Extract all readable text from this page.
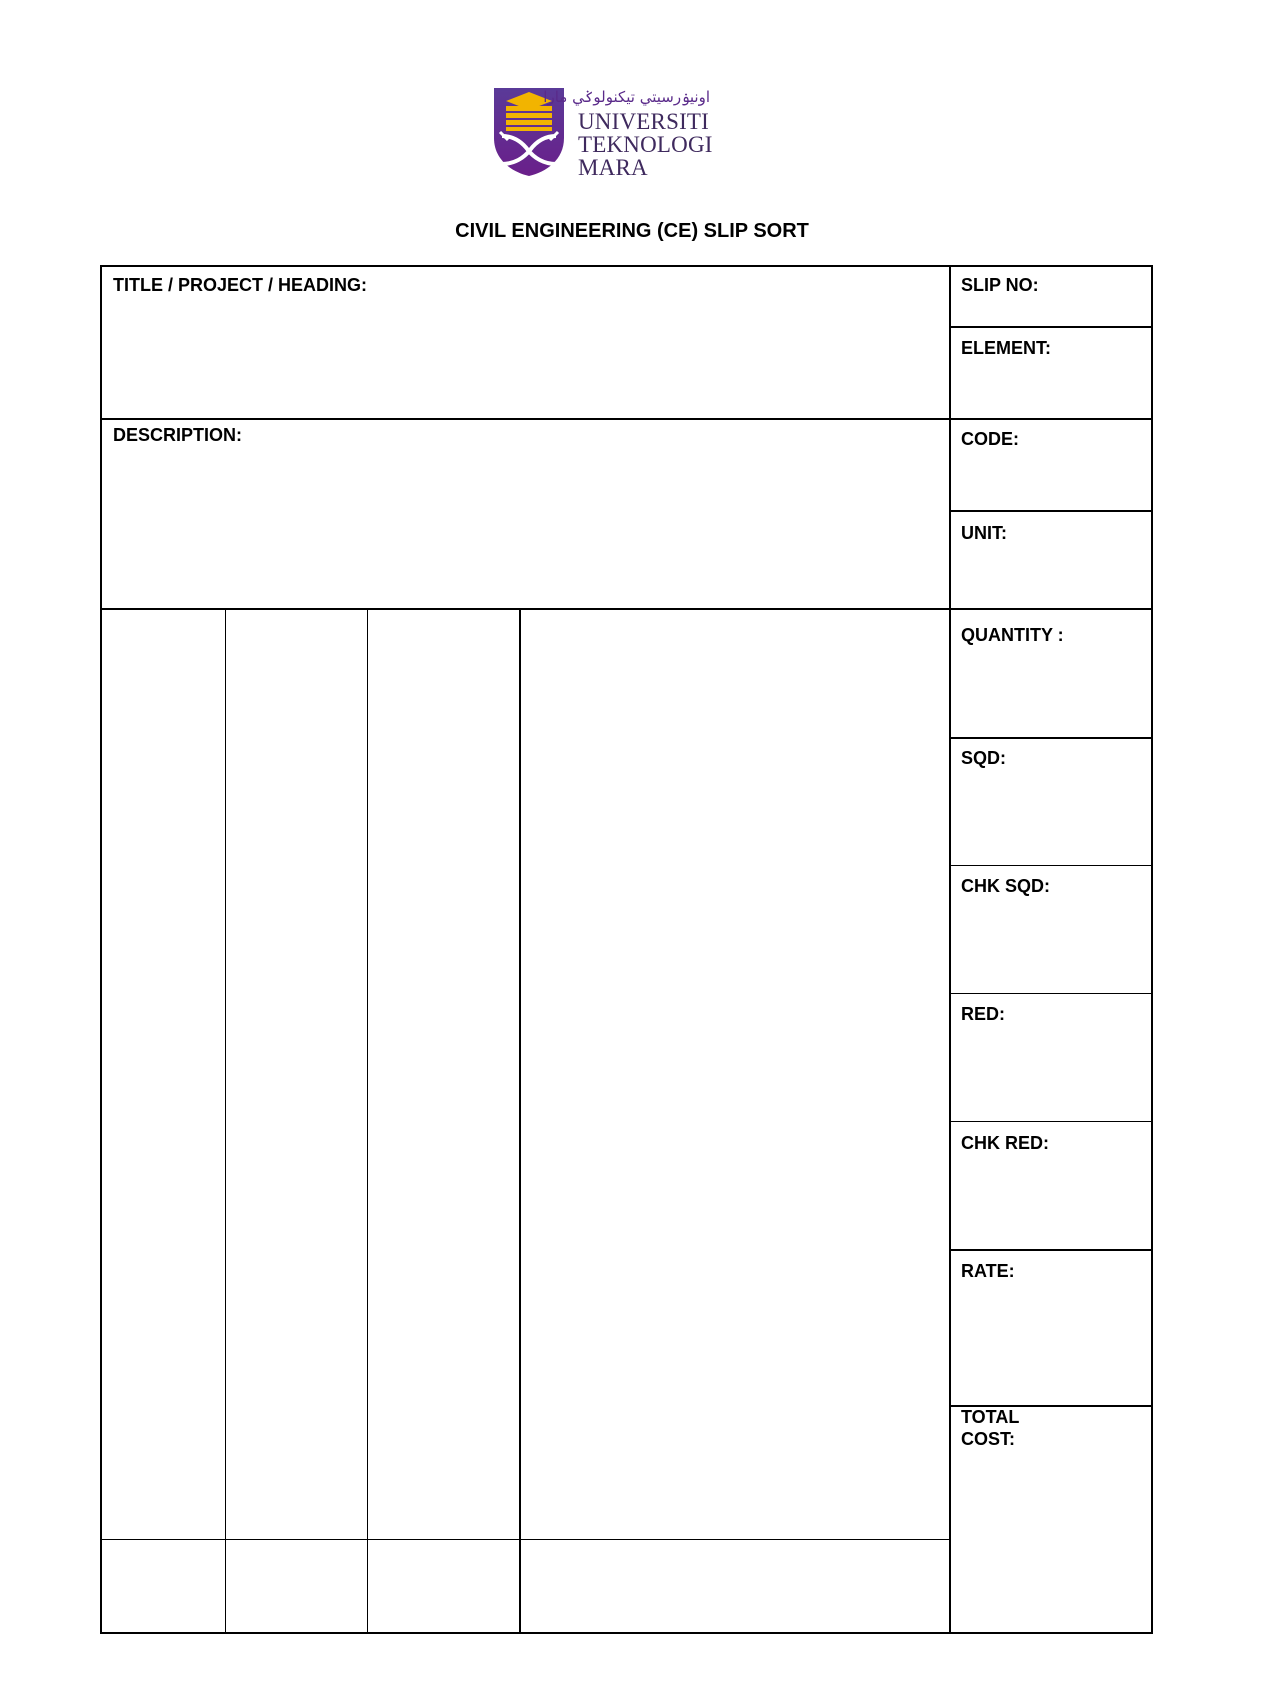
اونيۏرسيتي تيكنولوݢي مارا
UNIVERSITI
TEKNOLOGI
MARA
CIVIL ENGINEERING (CE) SLIP SORT
TITLE / PROJECT / HEADING:
DESCRIPTION:
SLIP NO:
ELEMENT:
CODE:
UNIT:
QUANTITY :
SQD:
CHK SQD:
RED:
CHK RED:
RATE:
TOTAL
COST:
